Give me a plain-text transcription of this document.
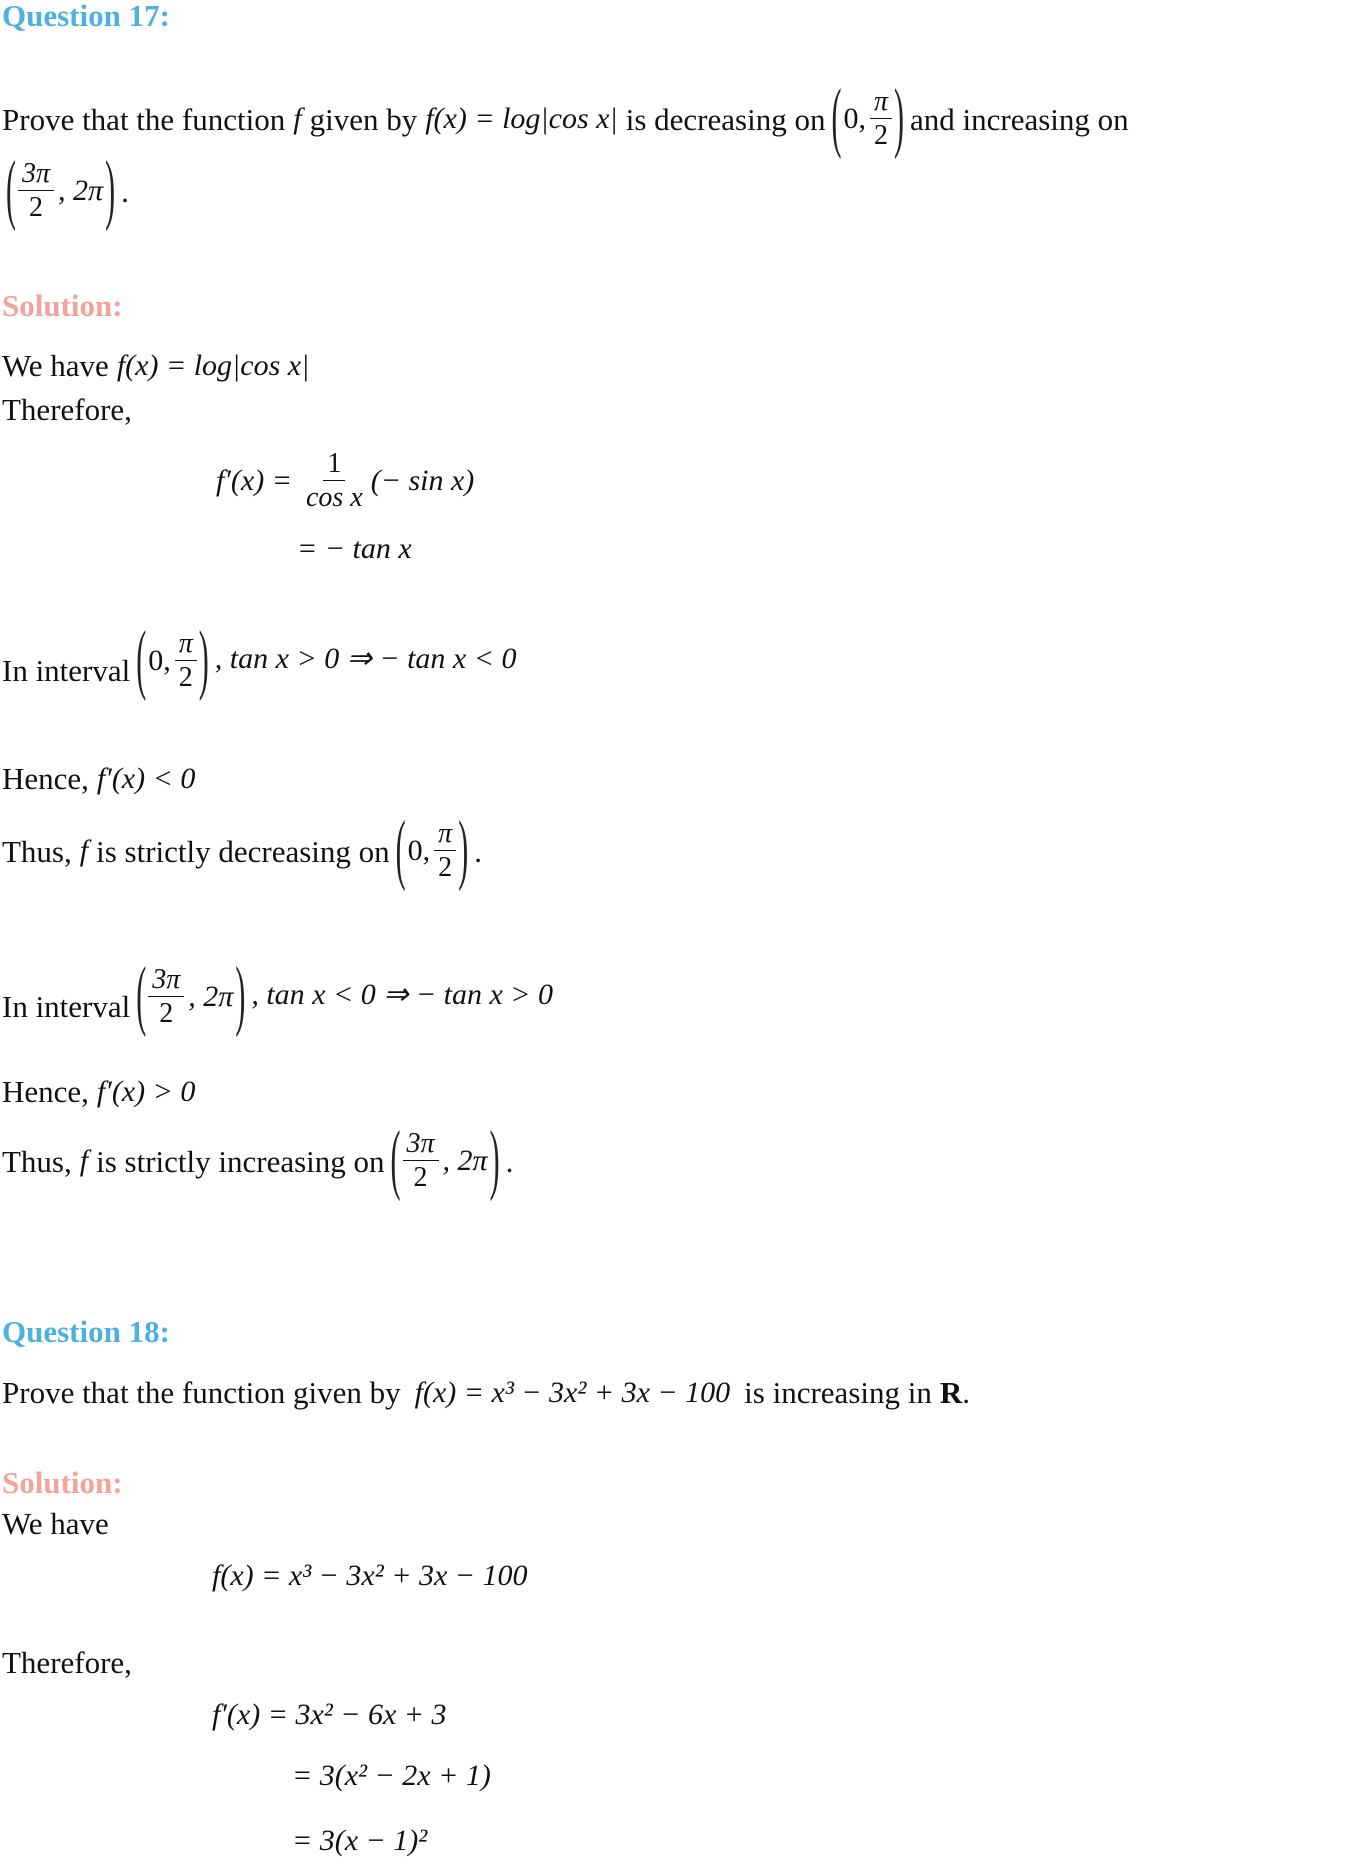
Question 17:
Prove that the function f given by f(x) = log|cos x| is decreasing on ( 0, $\frac{\pi}{2}$ ) and increasing on
( $\frac{3\pi}{2}$ , 2π ) .
Solution:
We have f(x) = log|cos x|
Therefore,
$f'(x) = \frac{1}{\text{cos x}}$ (− sin x)
= − tan x
In interval ( 0, $\frac{\pi}{2}$ ) , tan x > 0 ⇒ − tan x < 0
Hence, f′(x) < 0
Thus, f is strictly decreasing on ( 0, $\frac{\pi}{2}$ ) .
In interval ( $\frac{3\pi}{2}$ , 2π ) , tan x < 0 ⇒ − tan x > 0
Hence, f′(x) > 0
Thus, f is strictly increasing on ( $\frac{3\pi}{2}$ , 2π ) .
Question 18:
Prove that the function given by f(x) = x³ − 3x² + 3x − 100 is increasing in R .
Solution:
We have
f(x) = x³ − 3x² + 3x − 100
Therefore,
f′(x) = 3x² − 6x + 3
= 3(x² − 2x + 1)
= 3(x − 1)²
